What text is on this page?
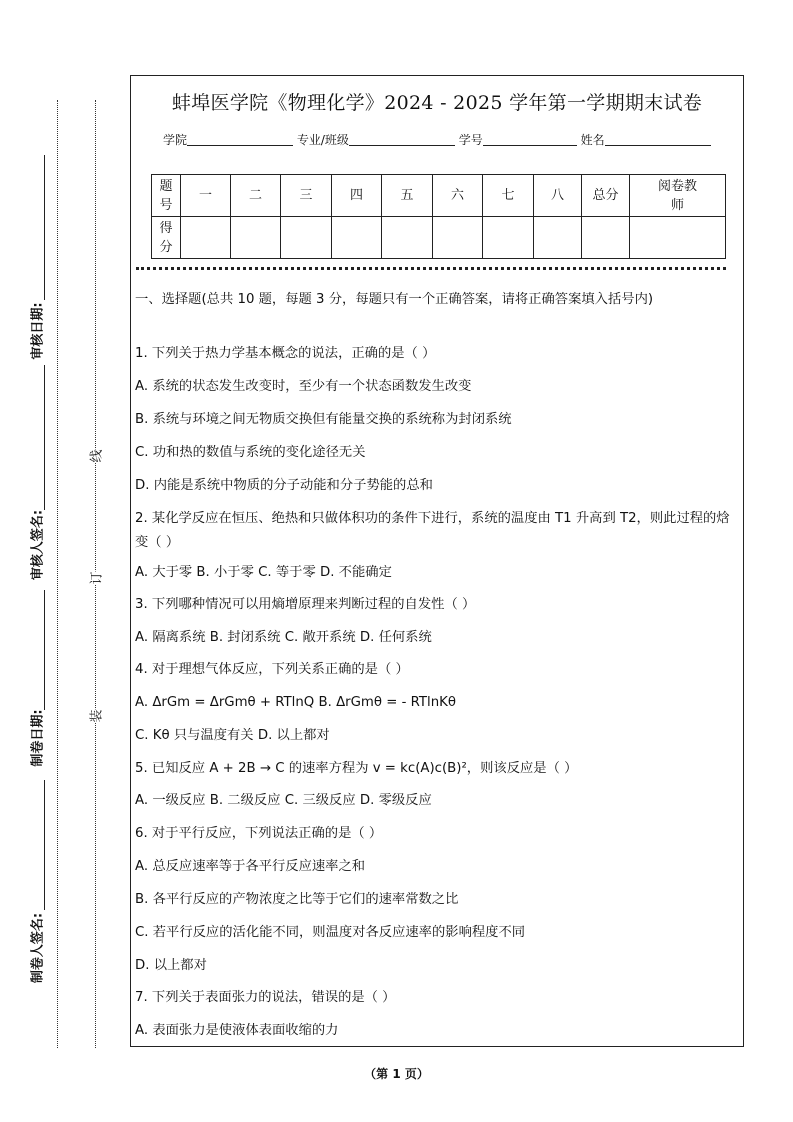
审核日期:
审核人签名:
制卷日期:
制卷人签名:
线
订
装
蚌埠医学院《物理化学》2024 - 2025 学年第一学期期末试卷
学院	专业/班级	学号	姓名
题号	一	二	三	四	五	六	七	八	总分	阅卷教师
得分										
一、选择题(总共 10 题，每题 3 分，每题只有一个正确答案，请将正确答案填入括号内)
1. 下列关于热力学基本概念的说法，正确的是（ ）
A. 系统的状态发生改变时，至少有一个状态函数发生改变
B. 系统与环境之间无物质交换但有能量交换的系统称为封闭系统
C. 功和热的数值与系统的变化途径无关
D. 内能是系统中物质的分子动能和分子势能的总和
2. 某化学反应在恒压、绝热和只做体积功的条件下进行，系统的温度由 T1 升高到 T2，则此过程的焓变（ ）
A. 大于零 B. 小于零 C. 等于零 D. 不能确定
3. 下列哪种情况可以用熵增原理来判断过程的自发性（ ）
A. 隔离系统 B. 封闭系统 C. 敞开系统 D. 任何系统
4. 对于理想气体反应，下列关系正确的是（ ）
A. ΔrGm = ΔrGmθ + RTlnQ B. ΔrGmθ = - RTlnKθ
C. Kθ 只与温度有关 D. 以上都对
5. 已知反应 A + 2B → C 的速率方程为 v = kc(A)c(B)²，则该反应是（ ）
A. 一级反应 B. 二级反应 C. 三级反应 D. 零级反应
6. 对于平行反应，下列说法正确的是（ ）
A. 总反应速率等于各平行反应速率之和
B. 各平行反应的产物浓度之比等于它们的速率常数之比
C. 若平行反应的活化能不同，则温度对各反应速率的影响程度不同
D. 以上都对
7. 下列关于表面张力的说法，错误的是（ ）
A. 表面张力是使液体表面收缩的力
（第 1 页）
